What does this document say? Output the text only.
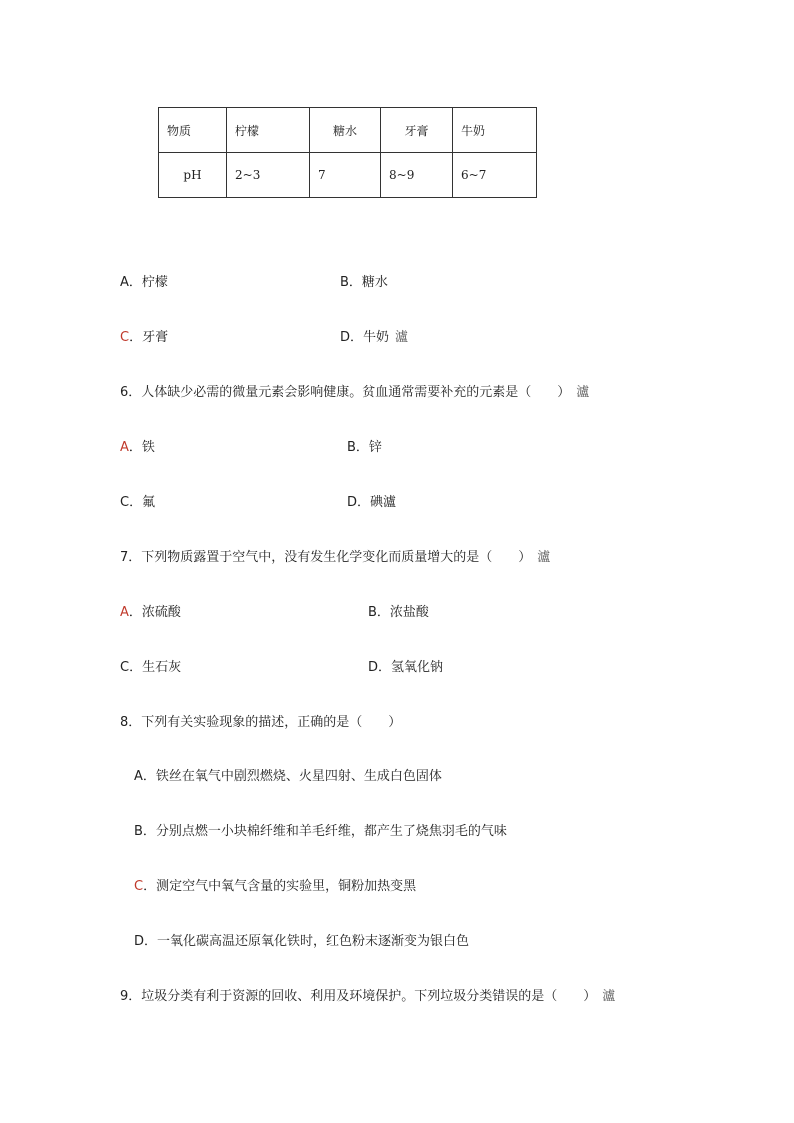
物质	柠檬	糖水	牙膏	牛奶
pH	2~3	7	8~9	6~7
A．柠檬	B．糖水
C．牙膏	D．牛奶 瀘
6．人体缺少必需的微量元素会影响健康。贫血通常需要补充的元素是（　　） 瀘
A．铁	B．锌
C．氟	D．碘瀘
7．下列物质露置于空气中，没有发生化学变化而质量增大的是（　　） 瀘
A．浓硫酸	B．浓盐酸
C．生石灰	D．氢氧化钠
8．下列有关实验现象的描述，正确的是（　　）
A．铁丝在氧气中剧烈燃烧、火星四射、生成白色固体
B．分别点燃一小块棉纤维和羊毛纤维，都产生了烧焦羽毛的气味
C．测定空气中氧气含量的实验里，铜粉加热变黑
D．一氧化碳高温还原氧化铁时，红色粉末逐渐变为银白色
9．垃圾分类有利于资源的回收、利用及环境保护。下列垃圾分类错误的是（　　） 瀘
